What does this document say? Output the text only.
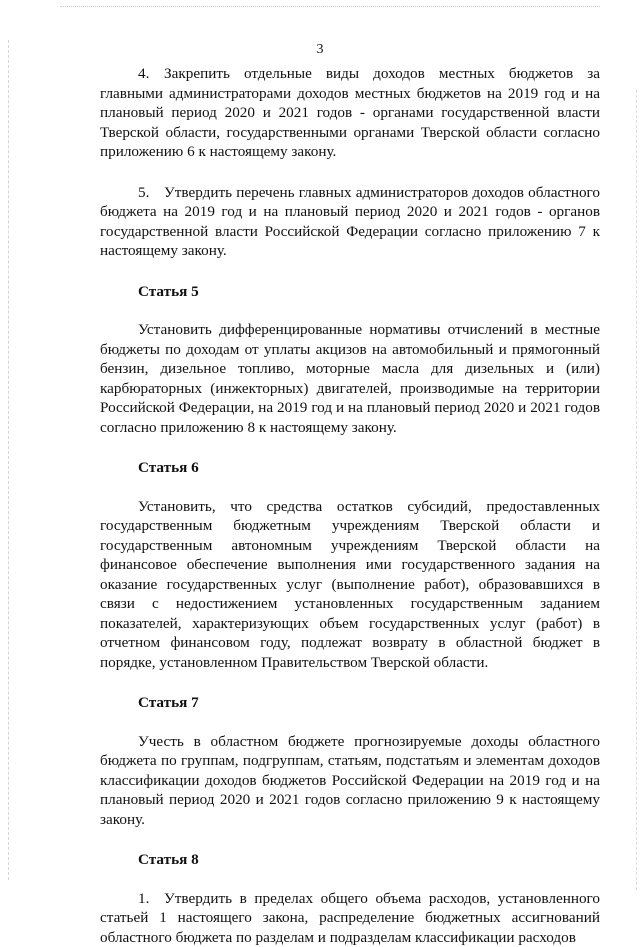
3

4. Закрепить отдельные виды доходов местных бюджетов за главными администраторами доходов местных бюджетов на 2019 год и на плановый период 2020 и 2021 годов - органами государственной власти Тверской области, государственными органами Тверской области согласно приложению 6 к настоящему закону.

5. Утвердить перечень главных администраторов доходов областного бюджета на 2019 год и на плановый период 2020 и 2021 годов - органов государственной власти Российской Федерации согласно приложению 7 к настоящему закону.

Статья 5

Установить дифференцированные нормативы отчислений в местные бюджеты по доходам от уплаты акцизов на автомобильный и прямогонный бензин, дизельное топливо, моторные масла для дизельных и (или) карбюраторных (инжекторных) двигателей, производимые на территории Российской Федерации, на 2019 год и на плановый период 2020 и 2021 годов согласно приложению 8 к настоящему закону.

Статья 6

Установить, что средства остатков субсидий, предоставленных государственным бюджетным учреждениям Тверской области и государственным автономным учреждениям Тверской области на финансовое обеспечение выполнения ими государственного задания на оказание государственных услуг (выполнение работ), образовавшихся в связи с недостижением установленных государственным заданием показателей, характеризующих объем государственных услуг (работ) в отчетном финансовом году, подлежат возврату в областной бюджет в порядке, установленном Правительством Тверской области.

Статья 7

Учесть в областном бюджете прогнозируемые доходы областного бюджета по группам, подгруппам, статьям, подстатьям и элементам доходов классификации доходов бюджетов Российской Федерации на 2019 год и на плановый период 2020 и 2021 годов согласно приложению 9 к настоящему закону.

Статья 8

1. Утвердить в пределах общего объема расходов, установленного статьей 1 настоящего закона, распределение бюджетных ассигнований областного бюджета по разделам и подразделам классификации расходов
